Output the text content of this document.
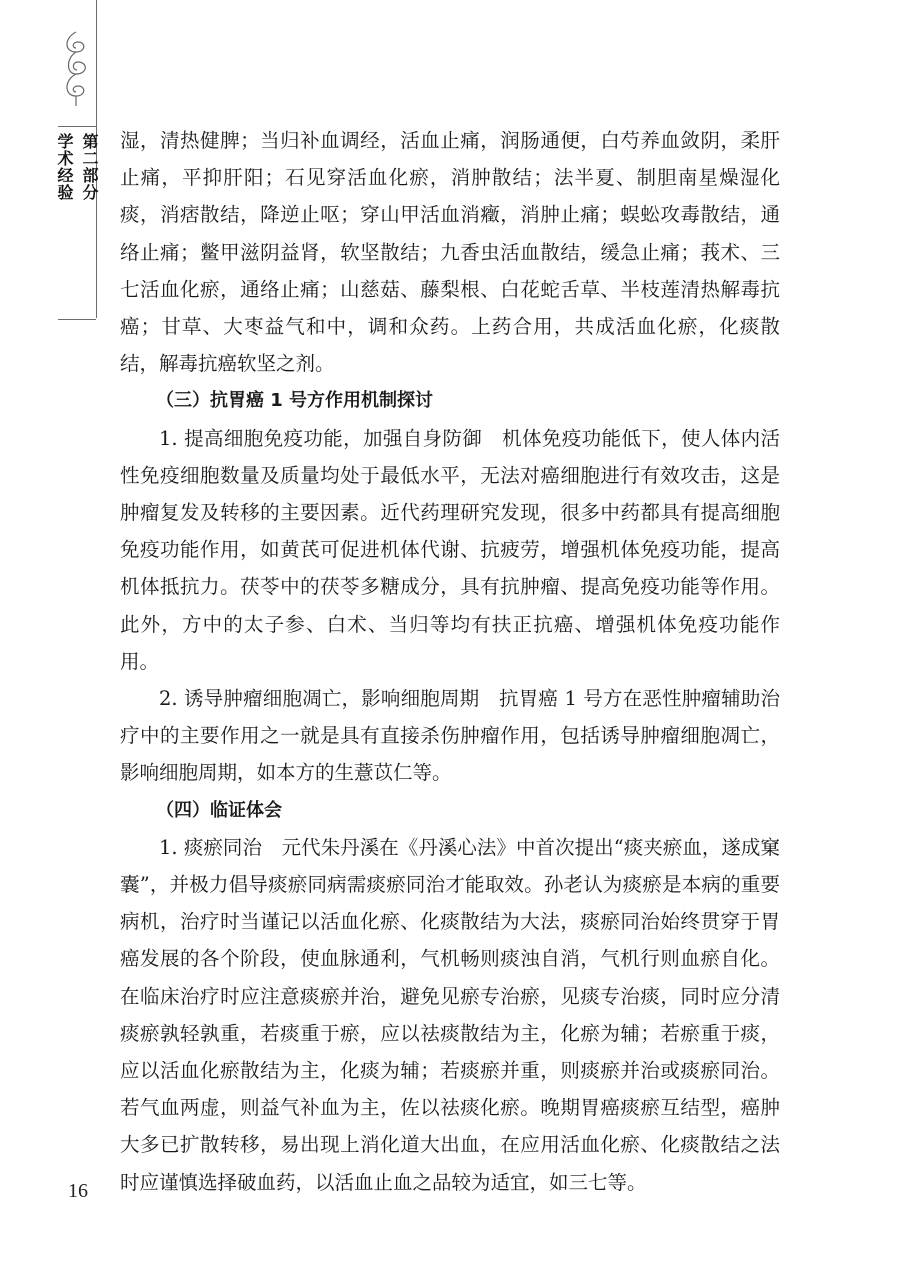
第二部分
学术经验 湿，清热健脾；当归补血调经，活血止痛，润肠通便，白芍养血敛阴，柔肝止痛，平抑肝阳；石见穿活血化瘀，消肿散结；法半夏、制胆南星燥湿化痰，消痞散结，降逆止呕；穿山甲活血消癥，消肿止痛；蜈蚣攻毒散结，通络止痛；鳖甲滋阴益肾，软坚散结；九香虫活血散结，缓急止痛；莪术、三七活血化瘀，通络止痛；山慈菇、藤梨根、白花蛇舌草、半枝莲清热解毒抗癌；甘草、大枣益气和中，调和众药。上药合用，共成活血化瘀，化痰散结，解毒抗癌软坚之剂。

（三）抗胃癌 1 号方作用机制探讨

1. 提高细胞免疫功能，加强自身防御　 机体免疫功能低下，使人体内活性免疫细胞数量及质量均处于最低水平，无法对癌细胞进行有效攻击，这是肿瘤复发及转移的主要因素。近代药理研究发现，很多中药都具有提高细胞免疫功能作用，如黄芪可促进机体代谢、抗疲劳，增强机体免疫功能，提高机体抵抗力。茯苓中的茯苓多糖成分，具有抗肿瘤、提高免疫功能等作用。此外，方中的太子参、白术、当归等均有扶正抗癌、增强机体免疫功能作用。

2. 诱导肿瘤细胞凋亡，影响细胞周期　 抗胃癌 1 号方在恶性肿瘤辅助治疗中的主要作用之一就是具有直接杀伤肿瘤作用，包括诱导肿瘤细胞凋亡，影响细胞周期，如本方的生薏苡仁等。

（四）临证体会

1. 痰瘀同治　 元代朱丹溪在《丹溪心法》中首次提出“痰夹瘀血，遂成窠囊”，并极力倡导痰瘀同病需痰瘀同治才能取效。孙老认为痰瘀是本病的重要病机，治疗时当谨记以活血化瘀、化痰散结为大法，痰瘀同治始终贯穿于胃癌发展的各个阶段，使血脉通利，气机畅则痰浊自消，气机行则血瘀自化。在临床治疗时应注意痰瘀并治，避免见瘀专治瘀，见痰专治痰，同时应分清痰瘀孰轻孰重，若痰重于瘀，应以祛痰散结为主，化瘀为辅；若瘀重于痰，应以活血化瘀散结为主，化痰为辅；若痰瘀并重，则痰瘀并治或痰瘀同治。若气血两虚，则益气补血为主，佐以祛痰化瘀。晚期胃癌痰瘀互结型，癌肿大多已扩散转移，易出现上消化道大出血，在应用活血化瘀、化痰散结之法时应谨慎选择破血药，以活血止血之品较为适宜，如三七等。

16
